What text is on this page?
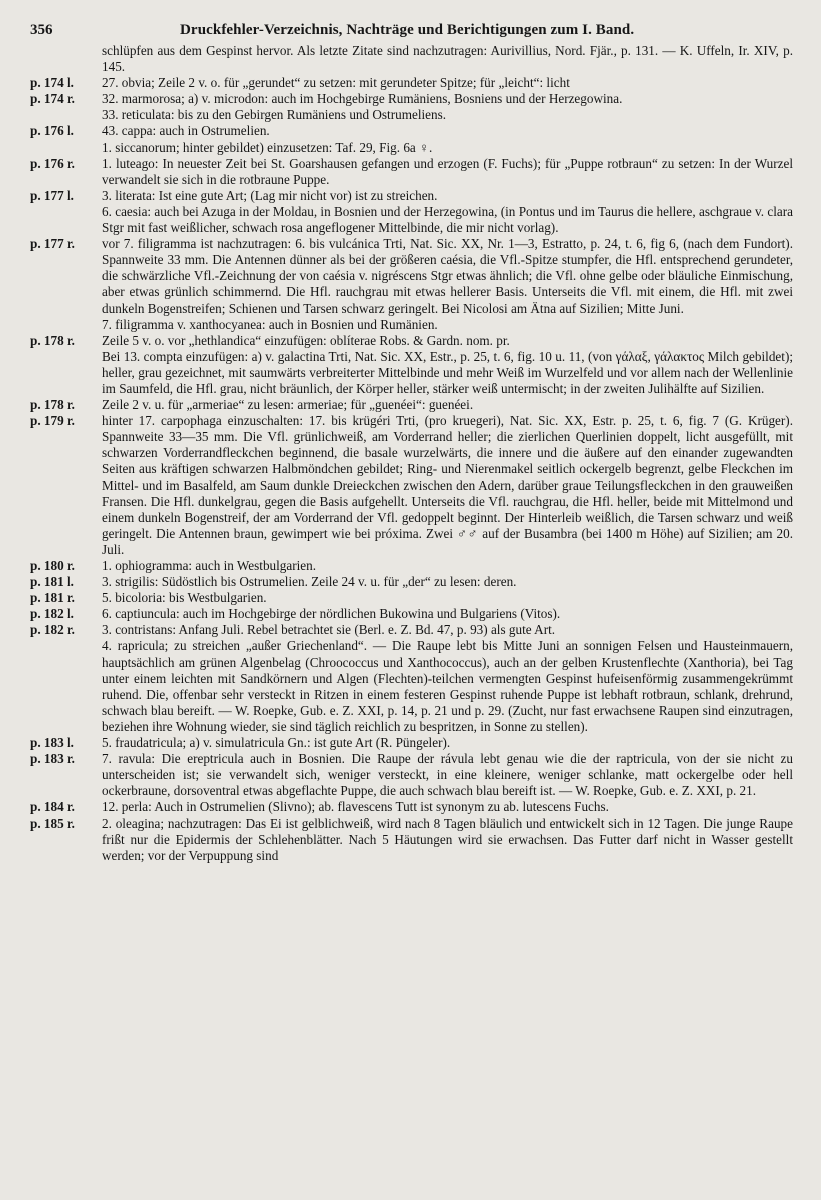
356	Druckfehler-Verzeichnis, Nachträge und Berichtigungen zum I. Band.
schlüpfen aus dem Gespinst hervor. Als letzte Zitate sind nachzutragen: Aurivillius, Nord. Fjär., p. 131. — K. Uffeln, Ir. XIV, p. 145.
p. 174 l.	27. obvia; Zeile 2 v. o. für „gerundet“ zu setzen: mit gerundeter Spitze; für „leicht“: licht
p. 174 r.	32. marmorosa; a) v. microdon: auch im Hochgebirge Rumäniens, Bosniens und der Herzegowina.
33. reticulata: bis zu den Gebirgen Rumäniens und Ostrumeliens.
p. 176 l.	43. cappa: auch in Ostrumelien.
1. siccanorum; hinter gebildet) einzusetzen: Taf. 29, Fig. 6a ♀.
p. 176 r.	1. luteago: In neuester Zeit bei St. Goarshausen gefangen und erzogen (F. Fuchs); für „Puppe rotbraun“ zu setzen: In der Wurzel verwandelt sie sich in die rotbraune Puppe.
p. 177 l.	3. literata: Ist eine gute Art; (Lag mir nicht vor) ist zu streichen.
6. caesia: auch bei Azuga in der Moldau, in Bosnien und der Herzegowina, (in Pontus und im Taurus die hellere, aschgraue v. clara Stgr mit fast weißlicher, schwach rosa angeflogener Mittelbinde, die mir nicht vorlag).
p. 177 r.	vor 7. filigramma ist nachzutragen: 6. bis vulcánica Trti, Nat. Sic. XX, Nr. 1—3, Estratto, p. 24, t. 6, fig 6, (nach dem Fundort). Spannweite 33 mm. Die Antennen dünner als bei der größeren caésia, die Vfl.-Spitze stumpfer, die Hfl. entsprechend gerundeter, die schwärzliche Vfl.-Zeichnung der von caésia v. nigréscens Stgr etwas ähnlich; die Vfl. ohne gelbe oder bläuliche Einmischung, aber etwas grünlich schimmernd. Die Hfl. rauchgrau mit etwas hellerer Basis. Unterseits die Vfl. mit einem, die Hfl. mit zwei dunkeln Bogenstreifen; Schienen und Tarsen schwarz geringelt. Bei Nicolosi am Ätna auf Sizilien; Mitte Juni.
7. filigramma v. xanthocyanea: auch in Bosnien und Rumänien.
p. 178 r.	Zeile 5 v. o. vor „hethlandica“ einzufügen: oblíterae Robs. & Gardn. nom. pr.
Bei 13. compta einzufügen: a) v. galactina Trti, Nat. Sic. XX, Estr., p. 25, t. 6, fig. 10 u. 11, (von γάλαξ, γάλακτος Milch gebildet); heller, grau gezeichnet, mit saumwärts verbreiterter Mittelbinde und mehr Weiß im Wurzelfeld und vor allem nach der Wellenlinie im Saumfeld, die Hfl. grau, nicht bräunlich, der Körper heller, stärker weiß untermischt; in der zweiten Julihälfte auf Sizilien.
p. 178 r.	Zeile 2 v. u. für „armeriae“ zu lesen: armeriae; für „guenéei“: guenéei.
p. 179 r.	hinter 17. carpophaga einzuschalten: 17. bis krügéri Trti, (pro kruegeri), Nat. Sic. XX, Estr. p. 25, t. 6, fig. 7 (G. Krüger). Spannweite 33—35 mm. Die Vfl. grünlichweiß, am Vorderrand heller; die zierlichen Querlinien doppelt, licht ausgefüllt, mit schwarzen Vorderrandfleckchen beginnend, die basale wurzelwärts, die innere und die äußere auf den einander zugewandten Seiten aus kräftigen schwarzen Halbmöndchen gebildet; Ring- und Nierenmakel seitlich ockergelb begrenzt, gelbe Fleckchen im Mittel- und im Basalfeld, am Saum dunkle Dreieckchen zwischen den Adern, darüber graue Teilungsfleckchen in den grauweißen Fransen. Die Hfl. dunkelgrau, gegen die Basis aufgehellt. Unterseits die Vfl. rauchgrau, die Hfl. heller, beide mit Mittelmond und einem dunkeln Bogenstreif, der am Vorderrand der Vfl. gedoppelt beginnt. Der Hinterleib weißlich, die Tarsen schwarz und weiß geringelt. Die Antennen braun, gewimpert wie bei próxima. Zwei ♂♂ auf der Busambra (bei 1400 m Höhe) auf Sizilien; am 20. Juli.
p. 180 r.	1. ophiogramma: auch in Westbulgarien.
p. 181 l.	3. strigilis: Südöstlich bis Ostrumelien. Zeile 24 v. u. für „der“ zu lesen: deren.
p. 181 r.	5. bicoloria: bis Westbulgarien.
p. 182 l.	6. captiuncula: auch im Hochgebirge der nördlichen Bukowina und Bulgariens (Vitos).
p. 182 r.	3. contristans: Anfang Juli. Rebel betrachtet sie (Berl. e. Z. Bd. 47, p. 93) als gute Art.
4. rapricula; zu streichen „außer Griechenland“. — Die Raupe lebt bis Mitte Juni an sonnigen Felsen und Hausteinmauern, hauptsächlich am grünen Algenbelag (Chroococcus und Xanthococcus), auch an der gelben Krustenflechte (Xanthoria), bei Tag unter einem leichten mit Sandkörnern und Algen (Flechten)-teilchen vermengten Gespinst hufeisenförmig zusammengekrümmt ruhend. Die, offenbar sehr versteckt in Ritzen in einem festeren Gespinst ruhende Puppe ist lebhaft rotbraun, schlank, drehrund, schwach blau bereift. — W. Roepke, Gub. e. Z. XXI, p. 14, p. 21 und p. 29. (Zucht, nur fast erwachsene Raupen sind einzutragen, beziehen ihre Wohnung wieder, sie sind täglich reichlich zu bespritzen, in Sonne zu stellen).
p. 183 l.	5. fraudatricula; a) v. simulatricula Gn.: ist gute Art (R. Püngeler).
p. 183 r.	7. ravula: Die ereptricula auch in Bosnien. Die Raupe der rávula lebt genau wie die der raptricula, von der sie nicht zu unterscheiden ist; sie verwandelt sich, weniger versteckt, in eine kleinere, weniger schlanke, matt ockergelbe oder hell ockerbraune, dorsoventral etwas abgeflachte Puppe, die auch schwach blau bereift ist. — W. Roepke, Gub. e. Z. XXI, p. 21.
p. 184 r.	12. perla: Auch in Ostrumelien (Slivno); ab. flavescens Tutt ist synonym zu ab. lutescens Fuchs.
p. 185 r.	2. oleagina; nachzutragen: Das Ei ist gelblichweiß, wird nach 8 Tagen bläulich und entwickelt sich in 12 Tagen. Die junge Raupe frißt nur die Epidermis der Schlehenblätter. Nach 5 Häutungen wird sie erwachsen. Das Futter darf nicht in Wasser gestellt werden; vor der Verpuppung sind
